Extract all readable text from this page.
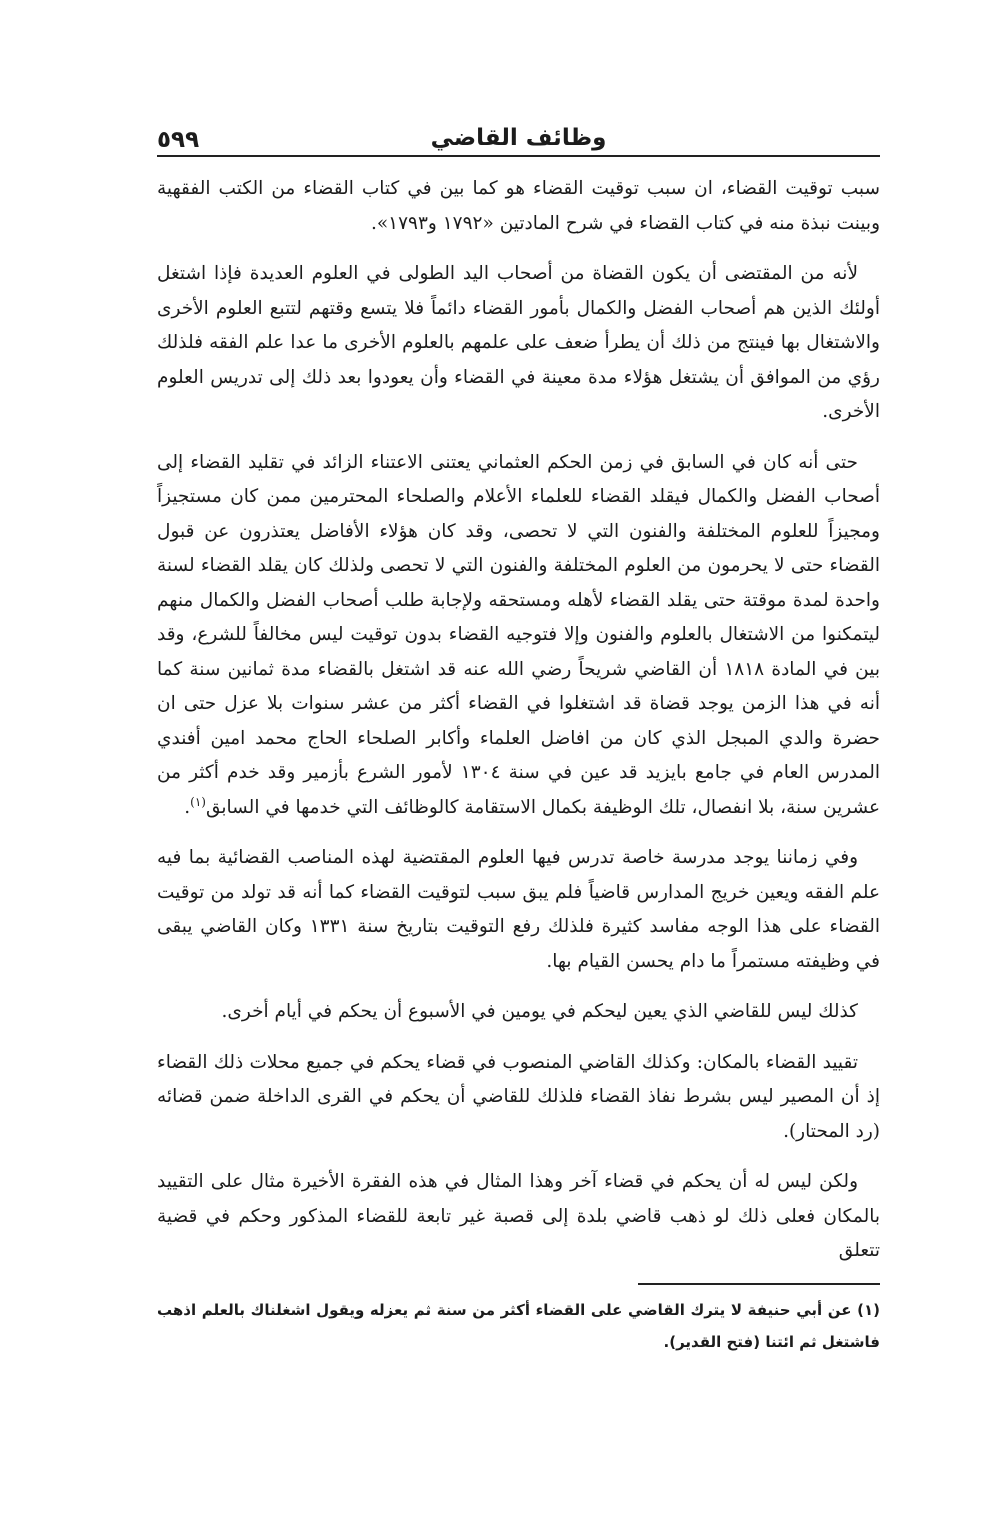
٥٩٩	وظائف القاضي

سبب توقيت القضاء، ان سبب توقيت القضاء هو كما بين في كتاب القضاء من الكتب الفقهية وبينت نبذة منه في كتاب القضاء في شرح المادتين «١٧٩٢ و١٧٩٣».

لأنه من المقتضى أن يكون القضاة من أصحاب اليد الطولى في العلوم العديدة فإذا اشتغل أولئك الذين هم أصحاب الفضل والكمال بأمور القضاء دائماً فلا يتسع وقتهم لتتبع العلوم الأخرى والاشتغال بها فينتج من ذلك أن يطرأ ضعف على علمهم بالعلوم الأخرى ما عدا علم الفقه فلذلك رؤي من الموافق أن يشتغل هؤلاء مدة معينة في القضاء وأن يعودوا بعد ذلك إلى تدريس العلوم الأخرى.

حتى أنه كان في السابق في زمن الحكم العثماني يعتنى الاعتناء الزائد في تقليد القضاء إلى أصحاب الفضل والكمال فيقلد القضاء للعلماء الأعلام والصلحاء المحترمين ممن كان مستجيزاً ومجيزاً للعلوم المختلفة والفنون التي لا تحصى، وقد كان هؤلاء الأفاضل يعتذرون عن قبول القضاء حتى لا يحرمون من العلوم المختلفة والفنون التي لا تحصى ولذلك كان يقلد القضاء لسنة واحدة لمدة موقتة حتى يقلد القضاء لأهله ومستحقه ولإجابة طلب أصحاب الفضل والكمال منهم ليتمكنوا من الاشتغال بالعلوم والفنون وإلا فتوجيه القضاء بدون توقيت ليس مخالفاً للشرع، وقد بين في المادة ١٨١٨ أن القاضي شريحاً رضي الله عنه قد اشتغل بالقضاء مدة ثمانين سنة كما أنه في هذا الزمن يوجد قضاة قد اشتغلوا في القضاء أكثر من عشر سنوات بلا عزل حتى ان حضرة والدي المبجل الذي كان من افاضل العلماء وأكابر الصلحاء الحاج محمد امين أفندي المدرس العام في جامع بايزيد قد عين في سنة ١٣٠٤ لأمور الشرع بأزمير وقد خدم أكثر من عشرين سنة، بلا انفصال، تلك الوظيفة بكمال الاستقامة كالوظائف التي خدمها في السابق$^{(١)}$.

وفي زماننا يوجد مدرسة خاصة تدرس فيها العلوم المقتضية لهذه المناصب القضائية بما فيه علم الفقه ويعين خريج المدارس قاضياً فلم يبق سبب لتوقيت القضاء كما أنه قد تولد من توقيت القضاء على هذا الوجه مفاسد كثيرة فلذلك رفع التوقيت بتاريخ سنة ١٣٣١ وكان القاضي يبقى في وظيفته مستمراً ما دام يحسن القيام بها.

كذلك ليس للقاضي الذي يعين ليحكم في يومين في الأسبوع أن يحكم في أيام أخرى.

تقييد القضاء بالمكان: وكذلك القاضي المنصوب في قضاء يحكم في جميع محلات ذلك القضاء إذ أن المصير ليس بشرط نفاذ القضاء فلذلك للقاضي أن يحكم في القرى الداخلة ضمن قضائه (رد المحتار).

ولكن ليس له أن يحكم في قضاء آخر وهذا المثال في هذه الفقرة الأخيرة مثال على التقييد بالمكان فعلى ذلك لو ذهب قاضي بلدة إلى قصبة غير تابعة للقضاء المذكور وحكم في قضية تتعلق

(١) عن أبي حنيفة لا يترك القاضي على القضاء أكثر من سنة ثم يعزله ويقول اشغلناك بالعلم اذهب فاشتغل ثم ائتنا (فتح القدير).
